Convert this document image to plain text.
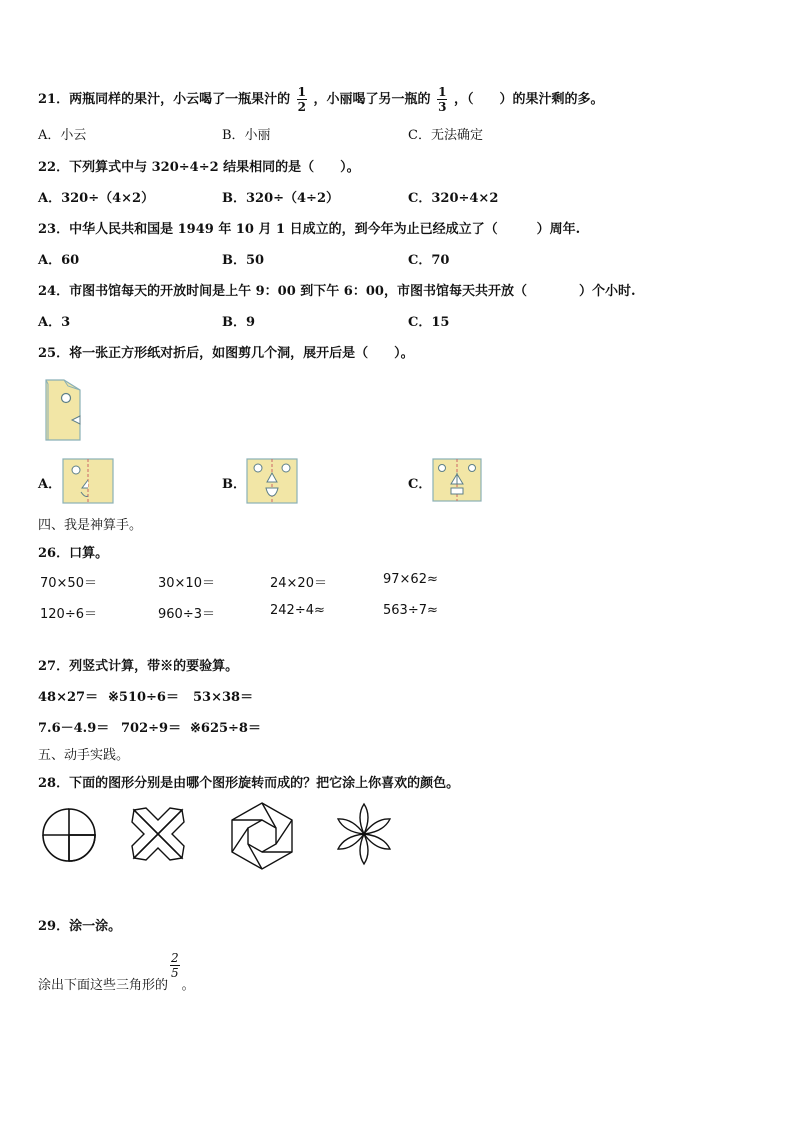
21．两瓶同样的果汁，小云喝了一瓶果汁的 $\frac{1}{2}$ ，小丽喝了另一瓶的 $\frac{1}{3}$ ，（　　）的果汁剩的多。
A．小云	B．小丽	C．无法确定
22．下列算式中与 320÷4÷2 结果相同的是（　　）。
A．320÷（4×2）	B．320÷（4÷2）	C．320÷4×2
23．中华人民共和国是 1949 年 10 月 1 日成立的，到今年为止已经成立了（　　　）周年.
A．60	B．50	C．70
24．市图书馆每天的开放时间是上午 9：00 到下午 6：00，市图书馆每天共开放（　　　　）个小时.
A．3	B．9	C．15
25．将一张正方形纸对折后，如图剪几个洞，展开后是（　　）。
A．	B．	C．
四、我是神算手。
26．口算。
70×50＝	30×10＝	24×20＝	97×62≈
120÷6＝	960÷3＝	242÷4≈	563÷7≈
27．列竖式计算，带※的要验算。
48×27＝ ※510÷6＝ 53×38＝
7.6－4.9＝ 702÷9＝ ※625÷8＝
五、动手实践。
28．下面的图形分别是由哪个图形旋转而成的？把它涂上你喜欢的颜色。
29．涂一涂。
涂出下面这些三角形的
$\frac{2}{5}$
。
